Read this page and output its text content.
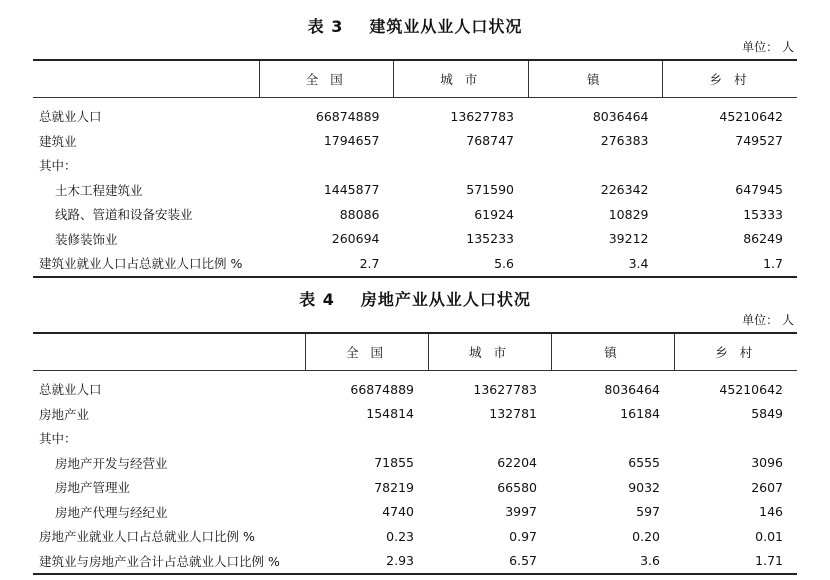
表 3 建筑业从业人口状况
单位： 人
	全 国	城 市	镇	乡 村
总就业人口	66874889	13627783	8036464	45210642
建筑业	1794657	768747	276383	749527
其中：				
土木工程建筑业	1445877	571590	226342	647945
线路、管道和设备安装业	88086	61924	10829	15333
装修装饰业	260694	135233	39212	86249
建筑业就业人口占总就业人口比例 %	2.7	5.6	3.4	1.7
表 4 房地产业从业人口状况
单位： 人
	全 国	城 市	镇	乡 村
总就业人口	66874889	13627783	8036464	45210642
房地产业	154814	132781	16184	5849
其中：				
房地产开发与经营业	71855	62204	6555	3096
房地产管理业	78219	66580	9032	2607
房地产代理与经纪业	4740	3997	597	146
房地产业就业人口占总就业人口比例 %	0.23	0.97	0.20	0.01
建筑业与房地产业合计占总就业人口比例 %	2.93	6.57	3.6	1.71
